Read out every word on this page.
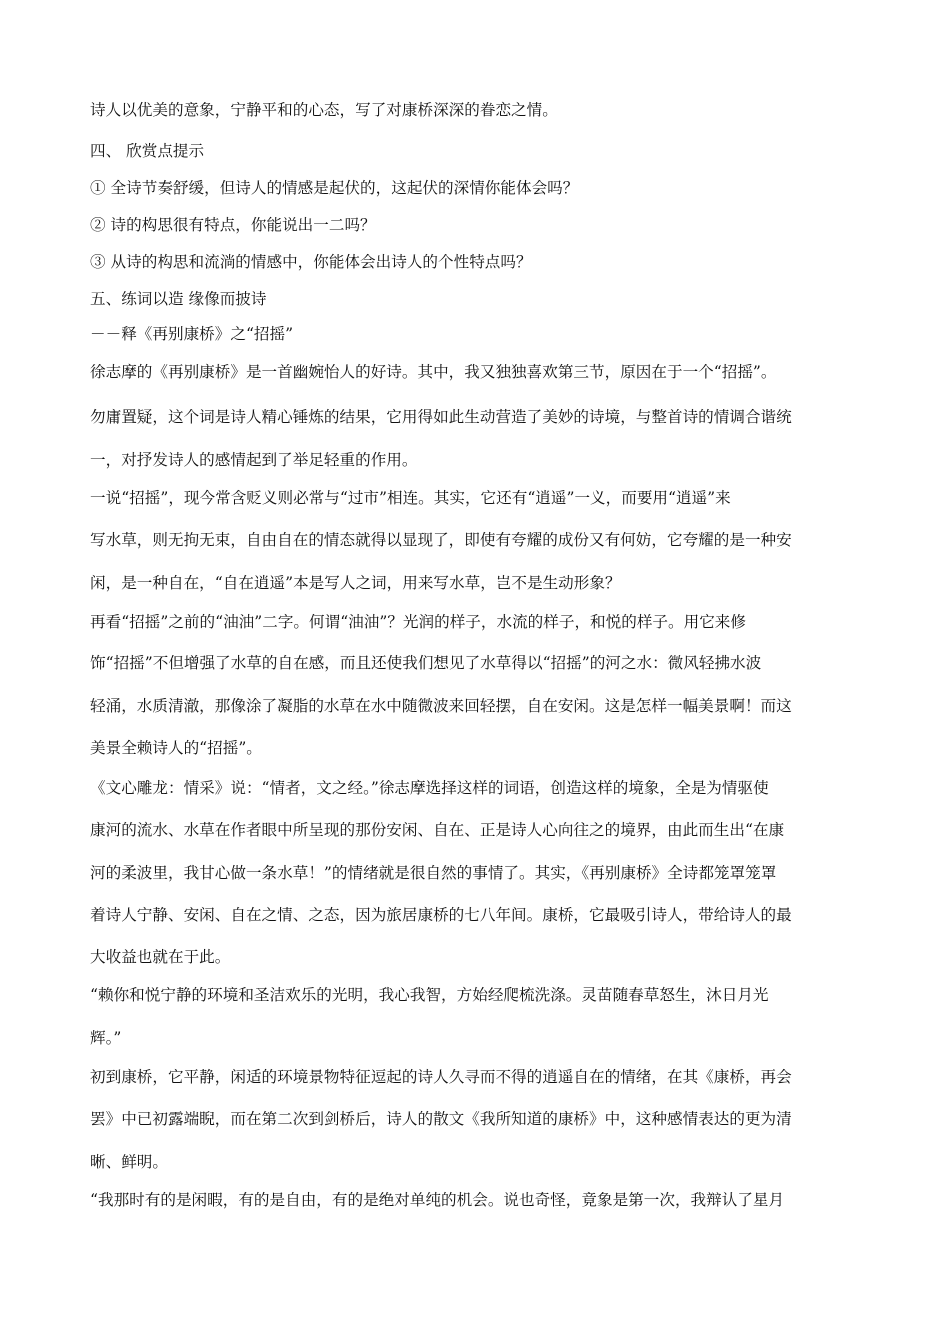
诗人以优美的意象，宁静平和的心态，写了对康桥深深的眷恋之情。
四、 欣赏点提示
① 全诗节奏舒缓，但诗人的情感是起伏的，这起伏的深情你能体会吗？
② 诗的构思很有特点，你能说出一二吗？
③ 从诗的构思和流淌的情感中，你能体会出诗人的个性特点吗？
五、练词以造 缘像而披诗
－－释《再别康桥》之“招摇”
徐志摩的《再别康桥》是一首幽婉怡人的好诗。其中，我又独独喜欢第三节，原因在于一个“招摇”。
勿庸置疑，这个词是诗人精心锤炼的结果，它用得如此生动营造了美妙的诗境，与整首诗的情调合谐统
一，对抒发诗人的感情起到了举足轻重的作用。
一说“招摇”，现今常含贬义则必常与“过市”相连。其实，它还有“逍遥”一义，而要用“逍遥”来
写水草，则无拘无束，自由自在的情态就得以显现了，即使有夸耀的成份又有何妨，它夸耀的是一种安
闲，是一种自在，“自在逍遥”本是写人之词，用来写水草，岂不是生动形象？
再看“招摇”之前的“油油”二字。何谓“油油”？光润的样子，水流的样子，和悦的样子。用它来修
饰“招摇”不但增强了水草的自在感，而且还使我们想见了水草得以“招摇”的河之水：微风轻拂水波
轻涌，水质清澈，那像涂了凝脂的水草在水中随微波来回轻摆，自在安闲。这是怎样一幅美景啊！而这
美景全赖诗人的“招摇”。
《文心雕龙：情采》说：“情者，文之经。”徐志摩选择这样的词语，创造这样的境象，全是为情驱使
康河的流水、水草在作者眼中所呈现的那份安闲、自在、正是诗人心向往之的境界，由此而生出“在康
河的柔波里，我甘心做一条水草！”的情绪就是很自然的事情了。其实，《再别康桥》全诗都笼罩笼罩
着诗人宁静、安闲、自在之情、之态，因为旅居康桥的七八年间。康桥，它最吸引诗人，带给诗人的最
大收益也就在于此。
“赖你和悦宁静的环境和圣洁欢乐的光明，我心我智，方始经爬梳洗涤。灵苗随春草怒生，沐日月光
辉。”
初到康桥，它平静，闲适的环境景物特征逗起的诗人久寻而不得的逍遥自在的情绪，在其《康桥，再会
罢》中已初露端睨，而在第二次到剑桥后，诗人的散文《我所知道的康桥》中，这种感情表达的更为清
晰、鲜明。
“我那时有的是闲暇，有的是自由，有的是绝对单纯的机会。说也奇怪，竟象是第一次，我辩认了星月
